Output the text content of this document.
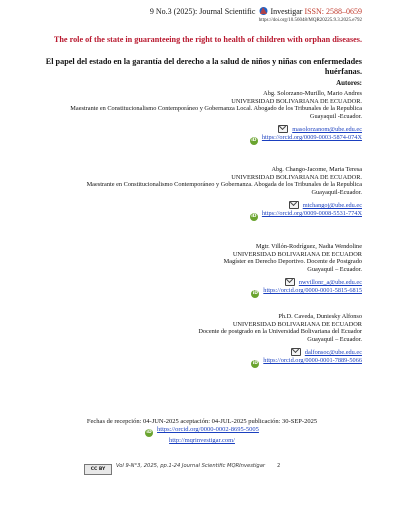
9 No.3 (2025): Journal Scientific Investigar ISSN: 2588–0659
https://doi.org/10.56048/MQR20225.9.3.2025.e792
The role of the state in guaranteeing the right to health of children with orphan diseases.
El papel del estado en la garantía del derecho a la salud de niños y niñas con enfermedades huérfanas.
Autores:
Abg. Solorzano-Murillo, Mario Andres
UNIVERSIDAD BOLIVARIANA DE ECUADOR.
Maestrante en Constitucionalismo Contemporáneo y Gobernanza Local. Abogado de los Tribunales de la Republica
Guayaquil -Ecuador.
masolorzanom@ube.edu.ec
iD https://orcid.org/0009-0003-5874-074X
Abg. Chango-Jacome, Maria Teresa
UNIVERSIDAD BOLIVARIANA DE ECUADOR.
Maestrante en Constitucionalismo Contemporáneo y Gobernanza. Abogada de los Tribunales de la Republica
Guayaquil-Ecuador.
mtchangoj@ube.edu.ec
iD https://orcid.org/0009-0008-5531-774X
Mgtr. Villón-Rodríguez, Nadia Wendoline
UNIVERSIDAD BOLIVARIANA DE ECUADOR
Magíster en Derecho Deportivo. Docente de Postgrado
Guayaquil – Ecuador.
nwvillonr_a@ube.edu.ec
iD https://orcid.org/0000-0001-5815-6815
Ph.D. Caveda, Duniesky Alfonso
UNIVERSIDAD BOLIVARIANA DE ECUADOR
Docente de postgrado en la Universidad Bolivariana del Ecuador
Guayaquil – Ecuador.
dalfonsoc@ube.edu.ec
iD https://orcid.org/0000-0001-7889-5066
Fechas de recepción: 04-JUN-2025 aceptación: 04-JUL-2025 publicación: 30-SEP-2025
iD https://orcid.org/0000-0002-8695-5005
http://mqrinvestigar.com/
CC BYVol 9-N°3, 2025, pp.1-24 Journal Scientific MQRInvestigar 2
